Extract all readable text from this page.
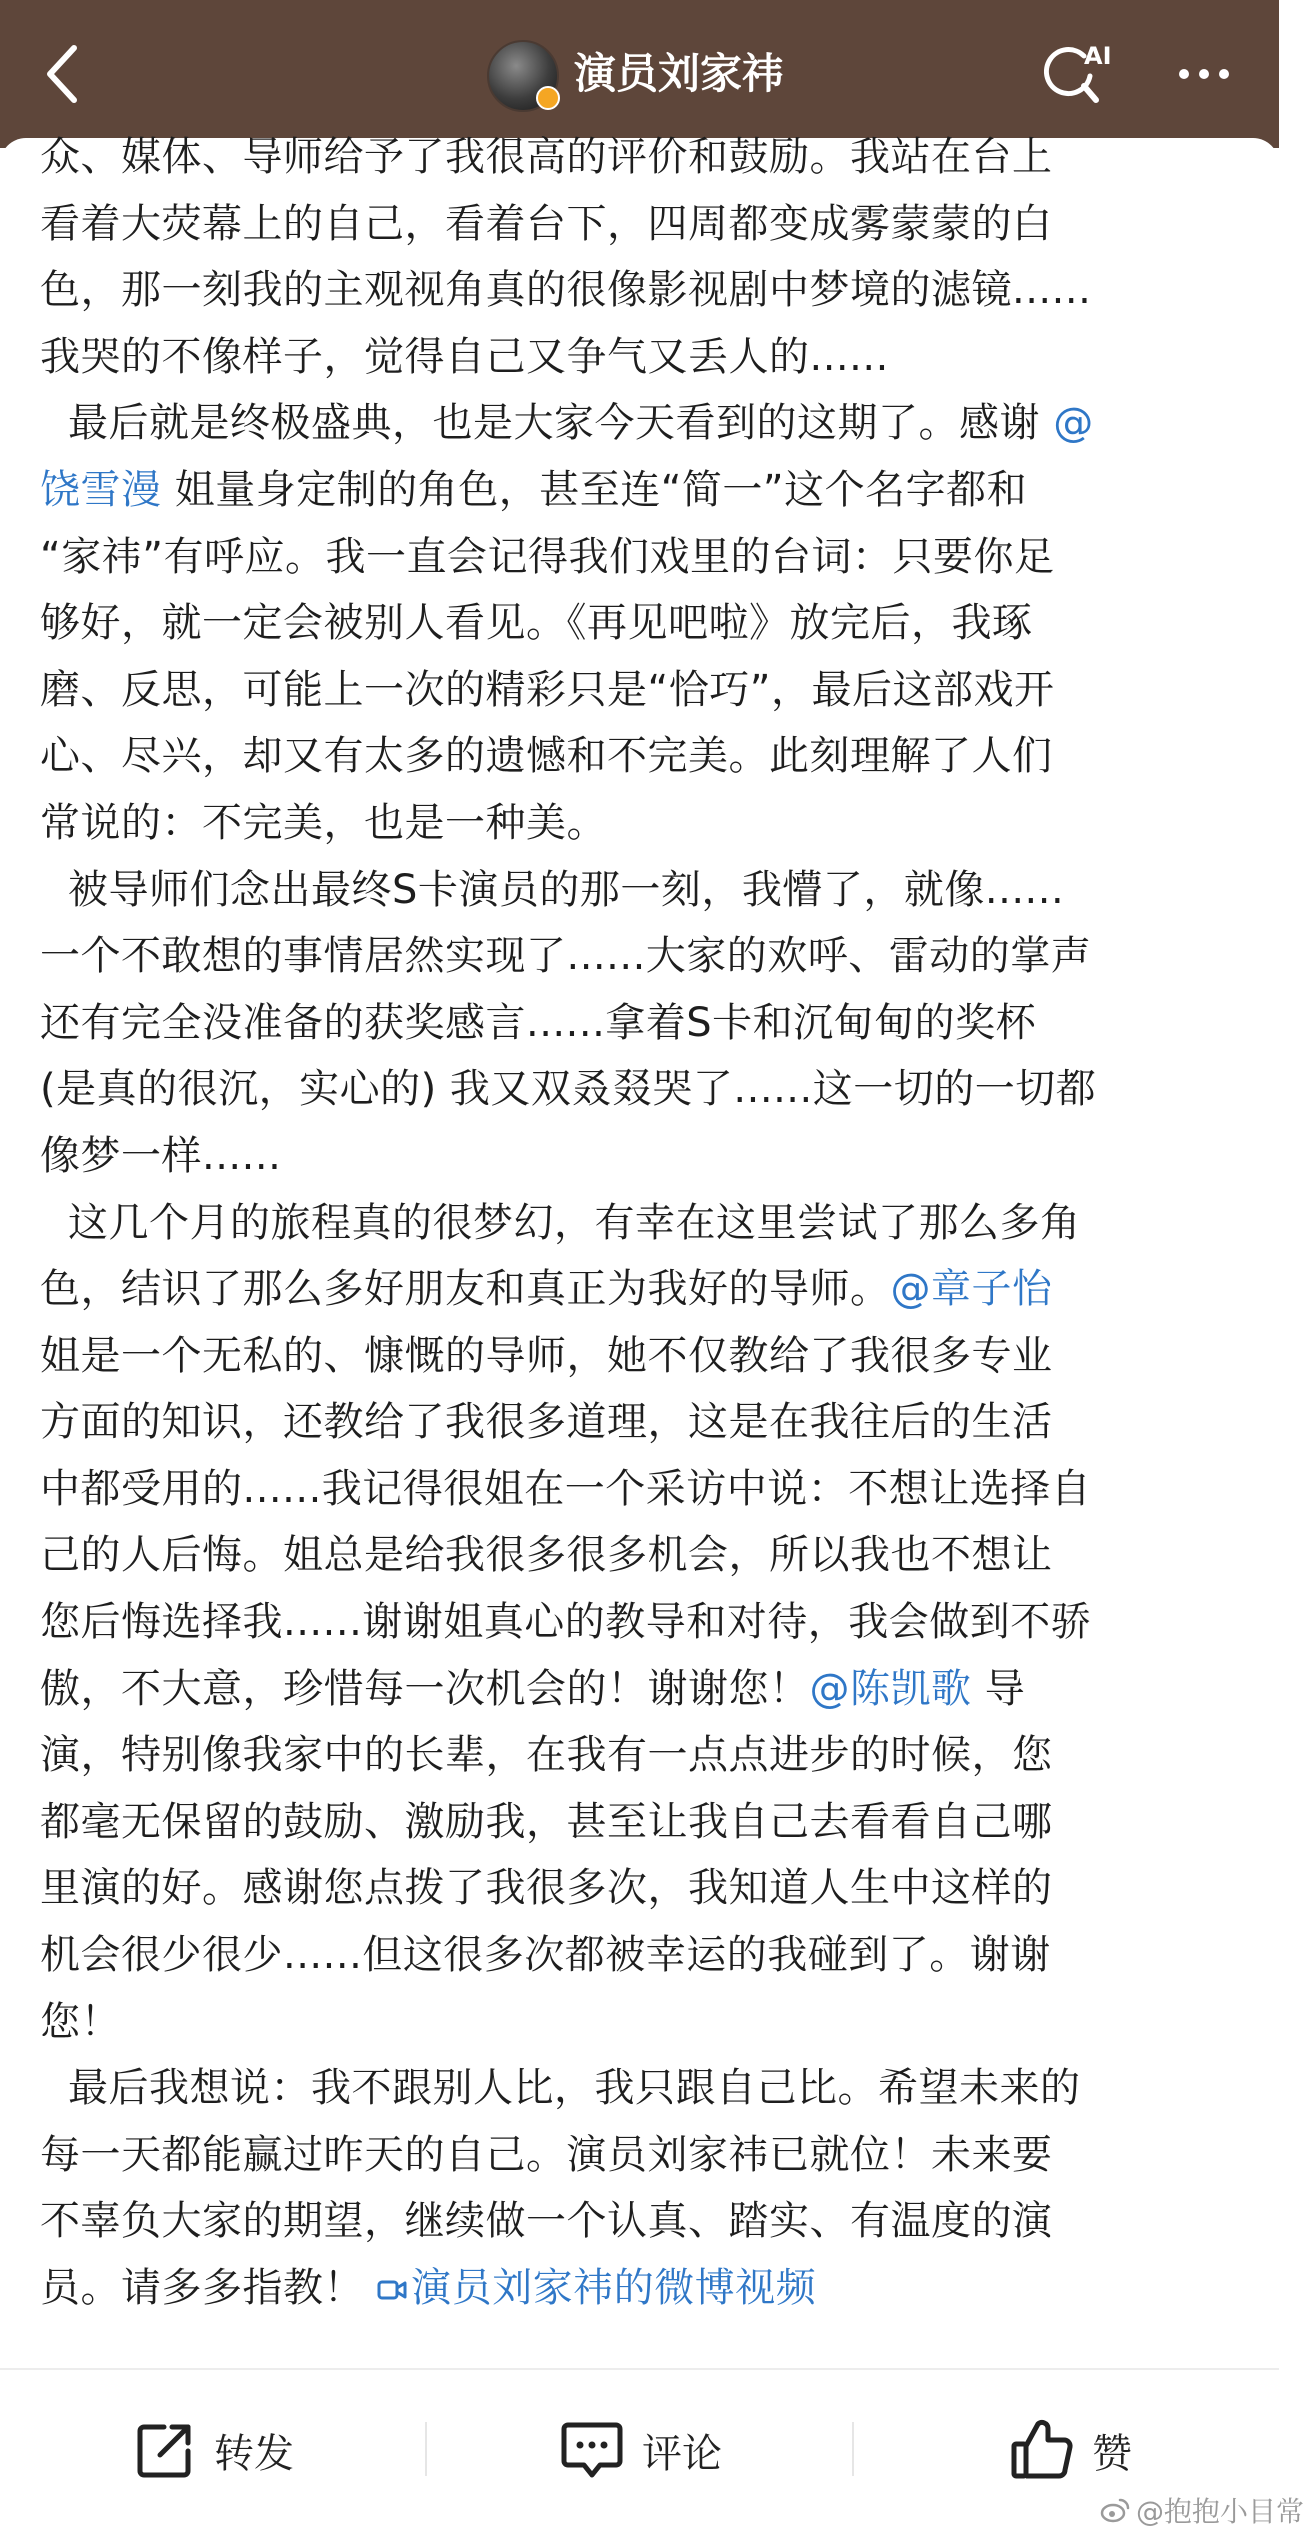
演员刘家祎	AI

众、媒体、导师给予了我很高的评价和鼓励。我站在台上
看着大荧幕上的自己，看着台下，四周都变成雾蒙蒙的白
色，那一刻我的主观视角真的很像影视剧中梦境的滤镜......
我哭的不像样子，觉得自己又争气又丢人的......

最后就是终极盛典，也是大家今天看到的这期了。感谢 @
饶雪漫 姐量身定制的角色，甚至连“简一”这个名字都和
“家祎”有呼应。我一直会记得我们戏里的台词：只要你足
够好，就一定会被别人看见。《再见吧啦》放完后，我琢
磨、反思，可能上一次的精彩只是“恰巧”，最后这部戏开
心、尽兴，却又有太多的遗憾和不完美。此刻理解了人们
常说的：不完美，也是一种美。

被导师们念出最终S卡演员的那一刻，我懵了，就像......
一个不敢想的事情居然实现了......大家的欢呼、雷动的掌声
还有完全没准备的获奖感言......拿着S卡和沉甸甸的奖杯
(是真的很沉，实心的) 我又双叒叕哭了......这一切的一切都
像梦一样......

这几个月的旅程真的很梦幻，有幸在这里尝试了那么多角
色，结识了那么多好朋友和真正为我好的导师。@章子怡
姐是一个无私的、慷慨的导师，她不仅教给了我很多专业
方面的知识，还教给了我很多道理，这是在我往后的生活
中都受用的......我记得很姐在一个采访中说：不想让选择自
己的人后悔。姐总是给我很多很多机会，所以我也不想让
您后悔选择我......谢谢姐真心的教导和对待，我会做到不骄
傲，不大意，珍惜每一次机会的！谢谢您！@陈凯歌 导
演，特别像我家中的长辈，在我有一点点进步的时候，您
都毫无保留的鼓励、激励我，甚至让我自己去看看自己哪
里演的好。感谢您点拨了我很多次，我知道人生中这样的
机会很少很少......但这很多次都被幸运的我碰到了。谢谢
您！

最后我想说：我不跟别人比，我只跟自己比。希望未来的
每一天都能赢过昨天的自己。演员刘家祎已就位！未来要
不辜负大家的期望，继续做一个认真、踏实、有温度的演
员。请多多指教！ 演员刘家祎的微博视频

转发	评论	赞
@抱抱小目常
